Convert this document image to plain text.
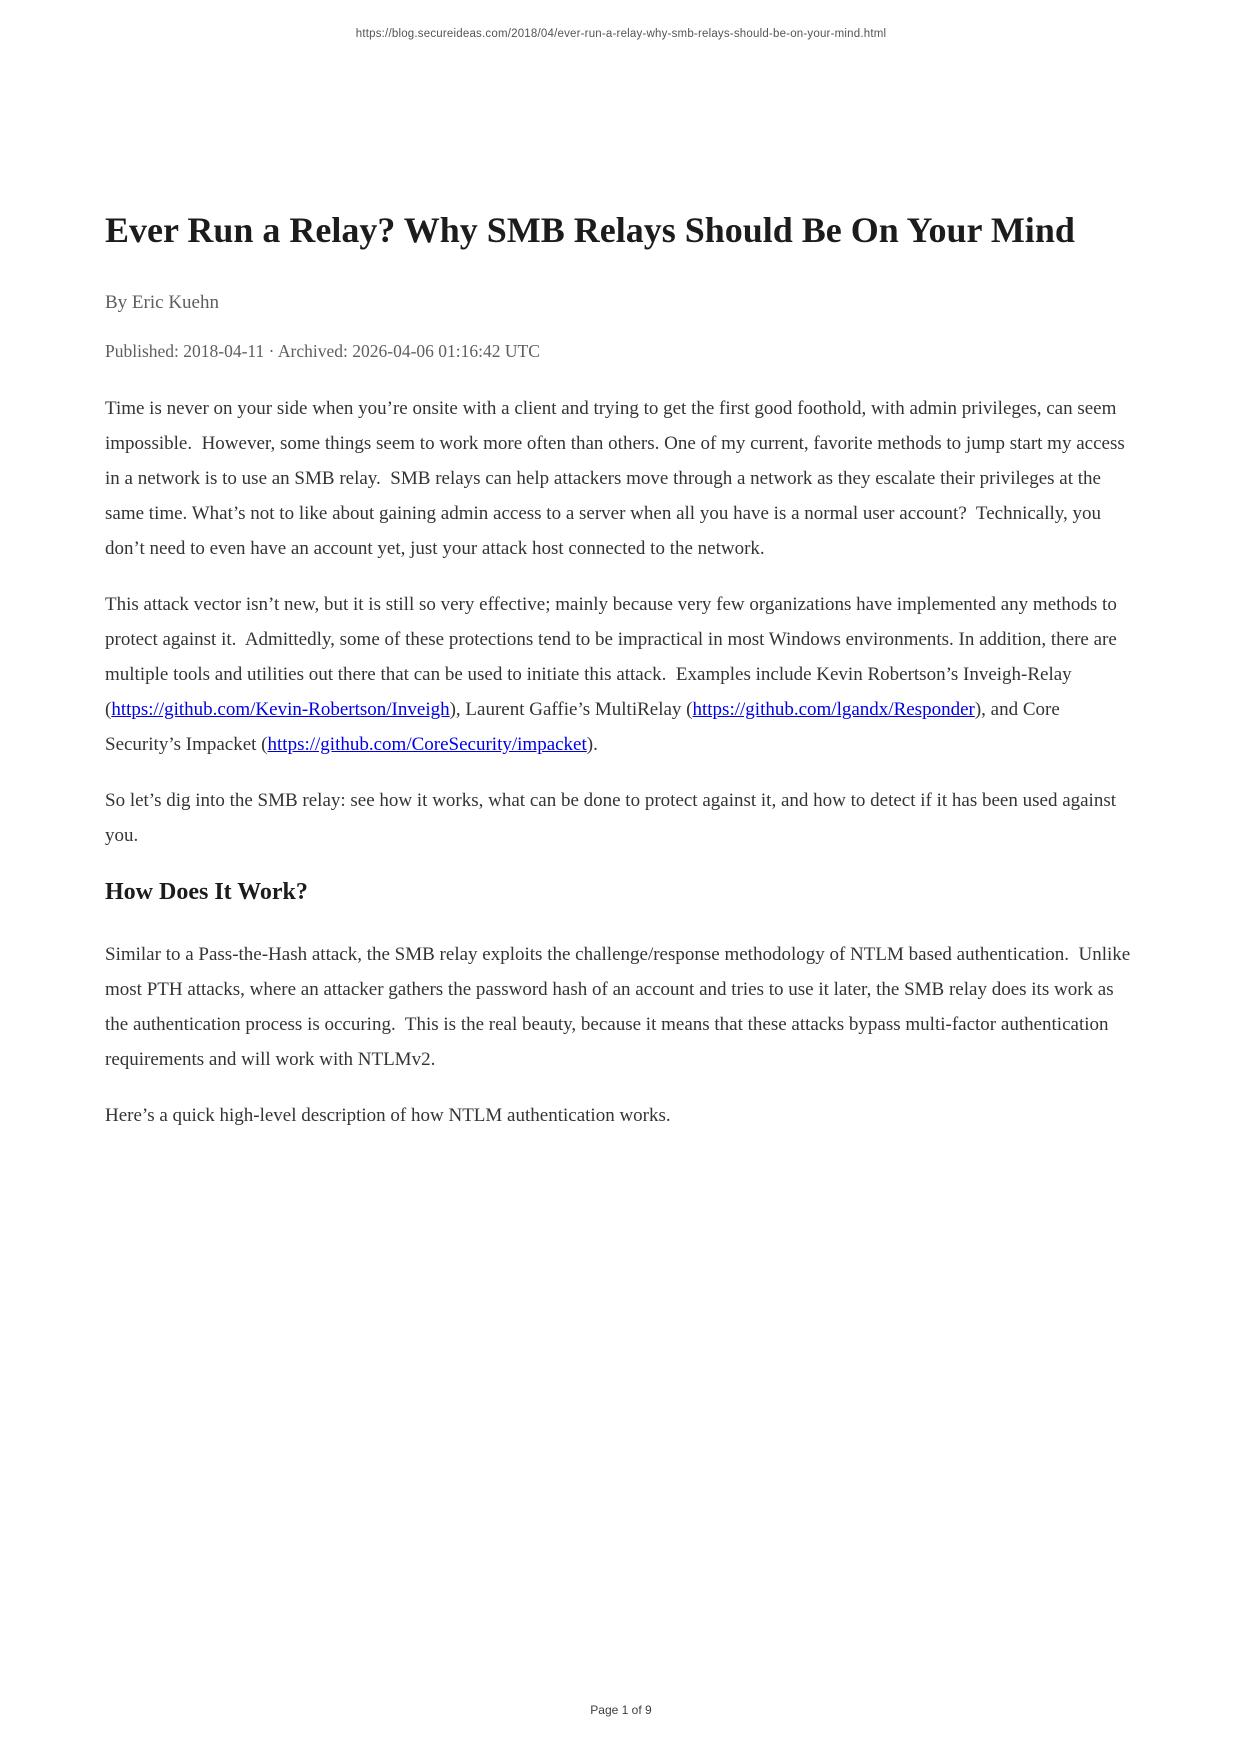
https://blog.secureideas.com/2018/04/ever-run-a-relay-why-smb-relays-should-be-on-your-mind.html
Ever Run a Relay? Why SMB Relays Should Be On Your Mind

By Eric Kuehn

Published: 2018-04-11 · Archived: 2026-04-06 01:16:42 UTC

Time is never on your side when you’re onsite with a client and trying to get the first good foothold, with admin privileges, can seem impossible.  However, some things seem to work more often than others. One of my current, favorite methods to jump start my access in a network is to use an SMB relay.  SMB relays can help attackers move through a network as they escalate their privileges at the same time. What’s not to like about gaining admin access to a server when all you have is a normal user account?  Technically, you don’t need to even have an account yet, just your attack host connected to the network.

This attack vector isn’t new, but it is still so very effective; mainly because very few organizations have implemented any methods to protect against it.  Admittedly, some of these protections tend to be impractical in most Windows environments. In addition, there are multiple tools and utilities out there that can be used to initiate this attack.  Examples include Kevin Robertson’s Inveigh-Relay (https://github.com/Kevin-Robertson/Inveigh), Laurent Gaffie’s MultiRelay (https://github.com/lgandx/Responder), and Core Security’s Impacket (https://github.com/CoreSecurity/impacket).

So let’s dig into the SMB relay: see how it works, what can be done to protect against it, and how to detect if it has been used against you.

How Does It Work?

Similar to a Pass-the-Hash attack, the SMB relay exploits the challenge/response methodology of NTLM based authentication.  Unlike most PTH attacks, where an attacker gathers the password hash of an account and tries to use it later, the SMB relay does its work as the authentication process is occuring.  This is the real beauty, because it means that these attacks bypass multi-factor authentication requirements and will work with NTLMv2.

Here’s a quick high-level description of how NTLM authentication works.

Page 1 of 9
